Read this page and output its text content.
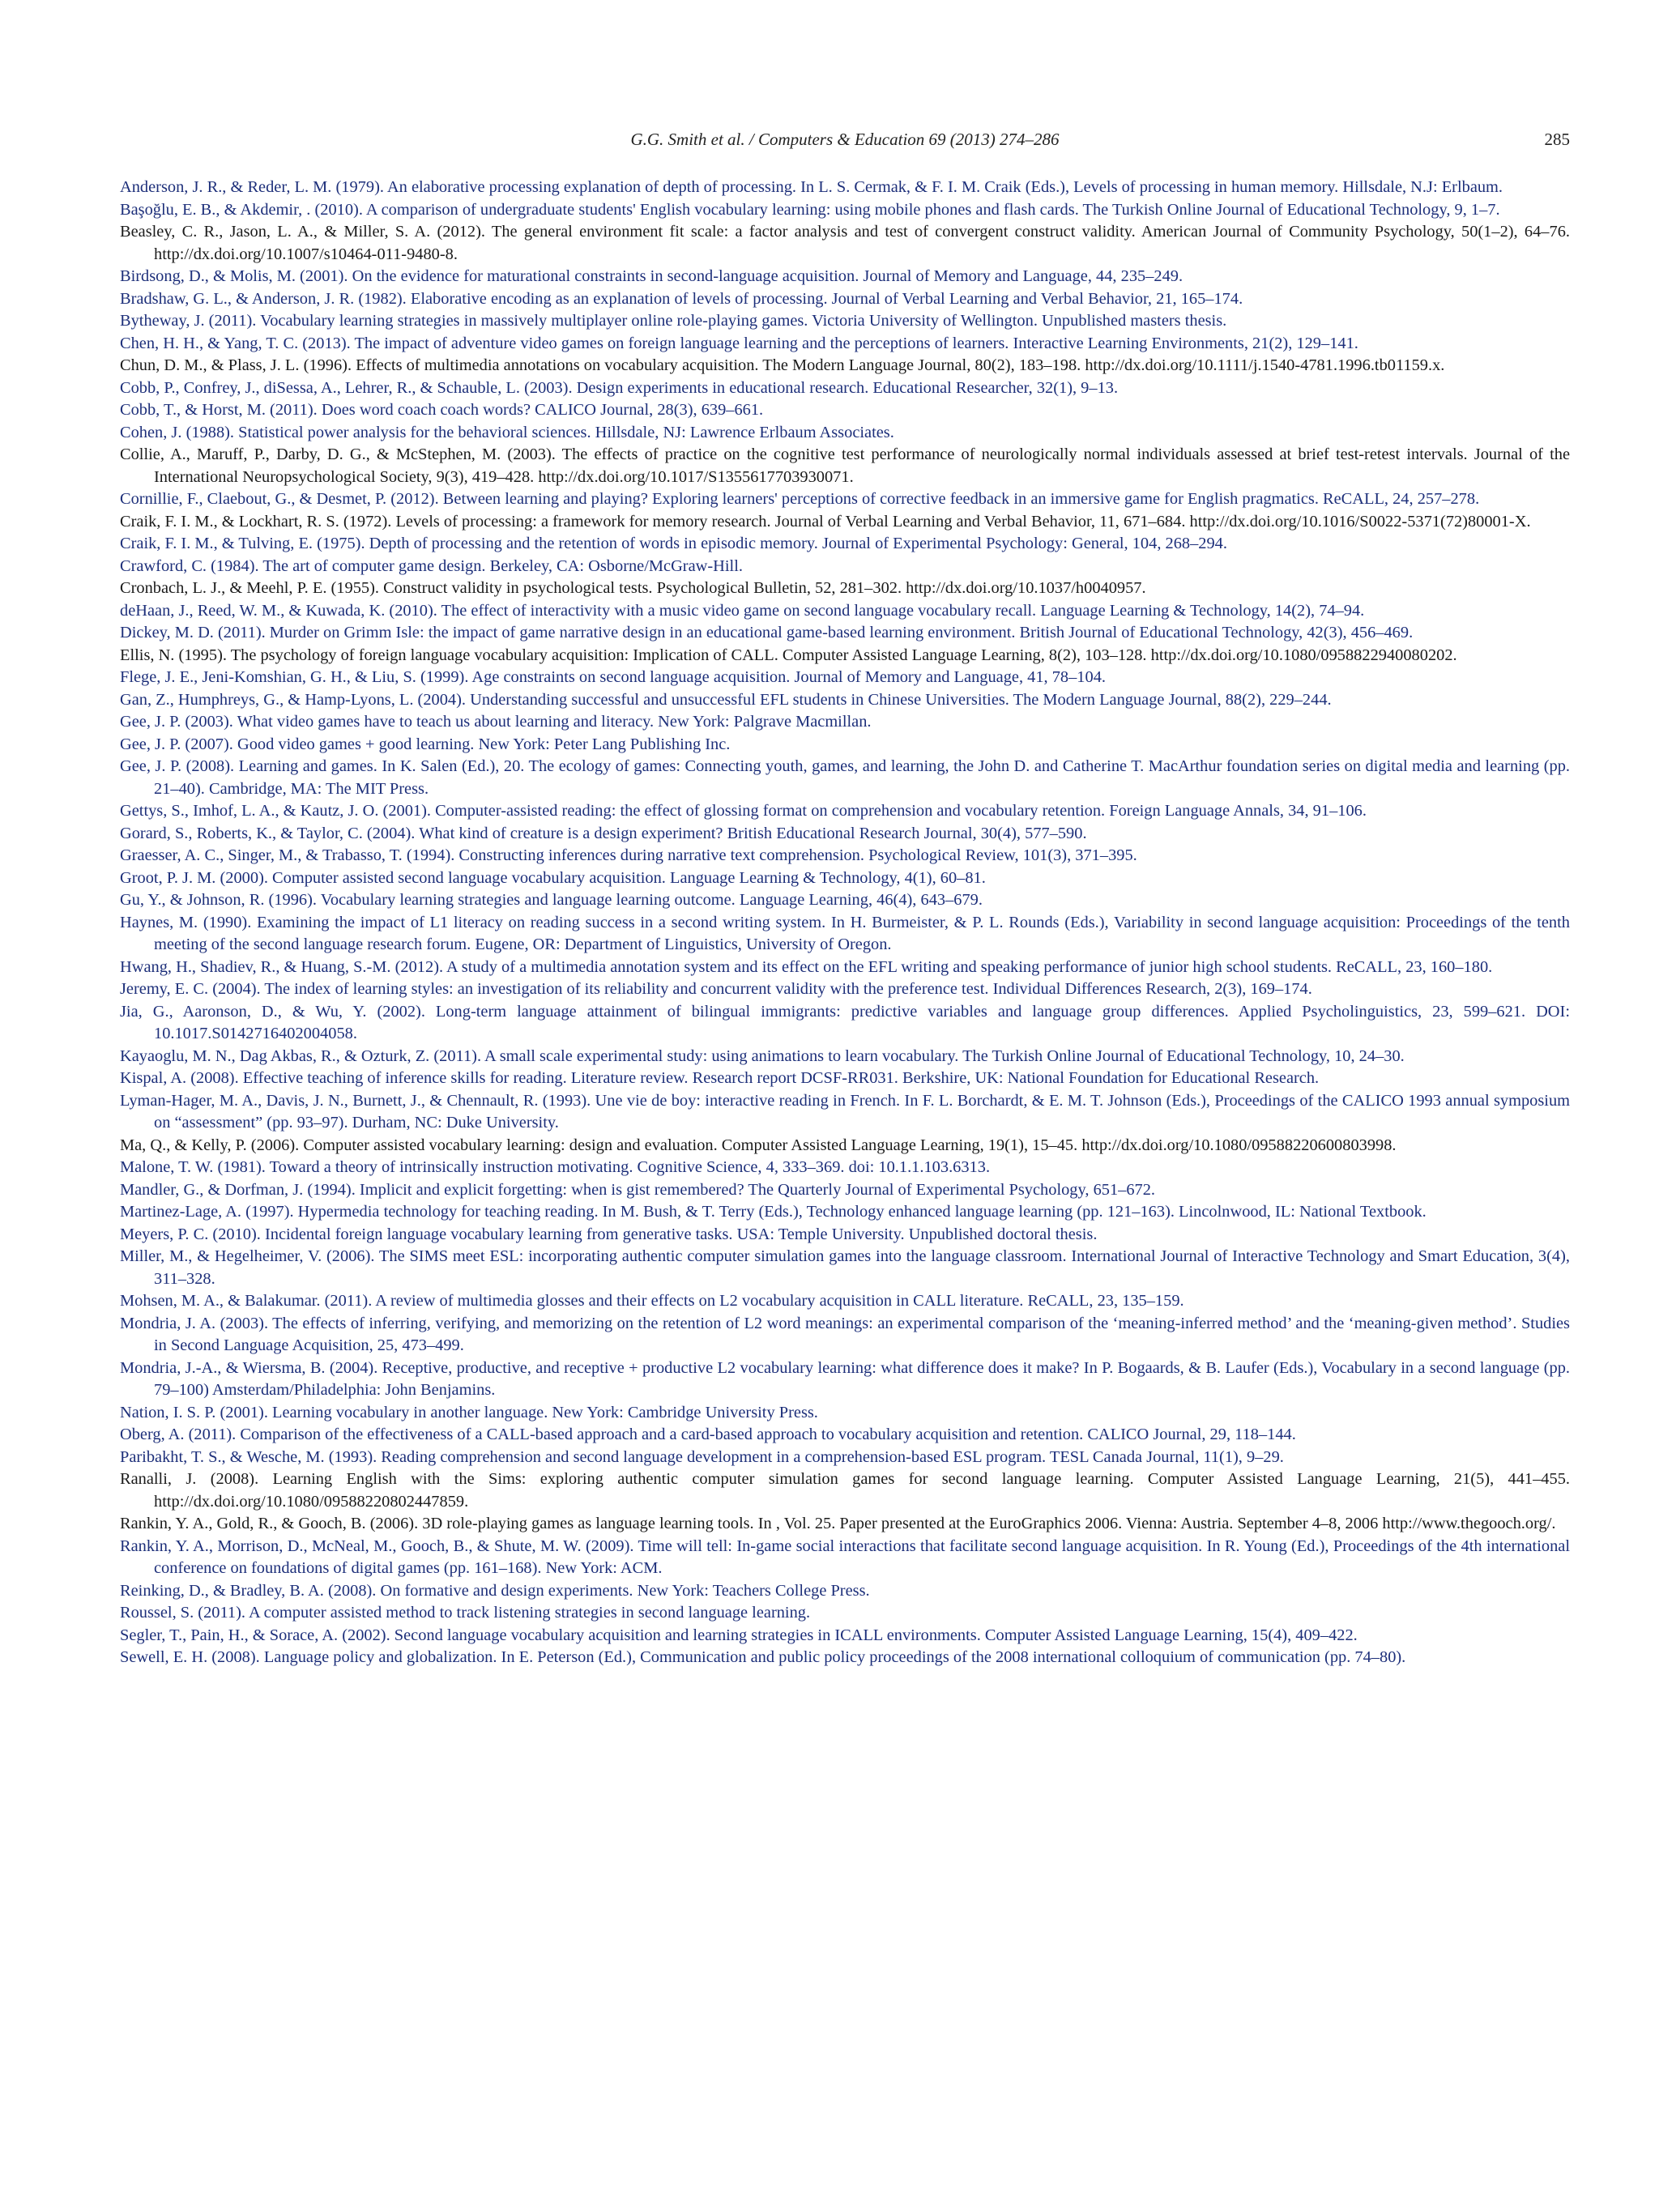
G.G. Smith et al. / Computers & Education 69 (2013) 274–286	285

Anderson, J. R., & Reder, L. M. (1979). An elaborative processing explanation of depth of processing. In L. S. Cermak, & F. I. M. Craik (Eds.), Levels of processing in human memory. Hillsdale, N.J: Erlbaum.

Başoğlu, E. B., & Akdemir, . (2010). A comparison of undergraduate students' English vocabulary learning: using mobile phones and flash cards. The Turkish Online Journal of Educational Technology, 9, 1–7.

Beasley, C. R., Jason, L. A., & Miller, S. A. (2012). The general environment fit scale: a factor analysis and test of convergent construct validity. American Journal of Community Psychology, 50(1–2), 64–76. http://dx.doi.org/10.1007/s10464-011-9480-8.

Birdsong, D., & Molis, M. (2001). On the evidence for maturational constraints in second-language acquisition. Journal of Memory and Language, 44, 235–249.

Bradshaw, G. L., & Anderson, J. R. (1982). Elaborative encoding as an explanation of levels of processing. Journal of Verbal Learning and Verbal Behavior, 21, 165–174.

Bytheway, J. (2011). Vocabulary learning strategies in massively multiplayer online role-playing games. Victoria University of Wellington. Unpublished masters thesis.

Chen, H. H., & Yang, T. C. (2013). The impact of adventure video games on foreign language learning and the perceptions of learners. Interactive Learning Environments, 21(2), 129–141.

Chun, D. M., & Plass, J. L. (1996). Effects of multimedia annotations on vocabulary acquisition. The Modern Language Journal, 80(2), 183–198. http://dx.doi.org/10.1111/j.1540-4781.1996.tb01159.x.

Cobb, P., Confrey, J., diSessa, A., Lehrer, R., & Schauble, L. (2003). Design experiments in educational research. Educational Researcher, 32(1), 9–13.

Cobb, T., & Horst, M. (2011). Does word coach coach words? CALICO Journal, 28(3), 639–661.

Cohen, J. (1988). Statistical power analysis for the behavioral sciences. Hillsdale, NJ: Lawrence Erlbaum Associates.

Collie, A., Maruff, P., Darby, D. G., & McStephen, M. (2003). The effects of practice on the cognitive test performance of neurologically normal individuals assessed at brief test-retest intervals. Journal of the International Neuropsychological Society, 9(3), 419–428. http://dx.doi.org/10.1017/S1355617703930071.

Cornillie, F., Claebout, G., & Desmet, P. (2012). Between learning and playing? Exploring learners' perceptions of corrective feedback in an immersive game for English pragmatics. ReCALL, 24, 257–278.

Craik, F. I. M., & Lockhart, R. S. (1972). Levels of processing: a framework for memory research. Journal of Verbal Learning and Verbal Behavior, 11, 671–684. http://dx.doi.org/10.1016/S0022-5371(72)80001-X.

Craik, F. I. M., & Tulving, E. (1975). Depth of processing and the retention of words in episodic memory. Journal of Experimental Psychology: General, 104, 268–294.

Crawford, C. (1984). The art of computer game design. Berkeley, CA: Osborne/McGraw-Hill.

Cronbach, L. J., & Meehl, P. E. (1955). Construct validity in psychological tests. Psychological Bulletin, 52, 281–302. http://dx.doi.org/10.1037/h0040957.

deHaan, J., Reed, W. M., & Kuwada, K. (2010). The effect of interactivity with a music video game on second language vocabulary recall. Language Learning & Technology, 14(2), 74–94.

Dickey, M. D. (2011). Murder on Grimm Isle: the impact of game narrative design in an educational game-based learning environment. British Journal of Educational Technology, 42(3), 456–469.

Ellis, N. (1995). The psychology of foreign language vocabulary acquisition: Implication of CALL. Computer Assisted Language Learning, 8(2), 103–128. http://dx.doi.org/10.1080/0958822940080202.

Flege, J. E., Jeni-Komshian, G. H., & Liu, S. (1999). Age constraints on second language acquisition. Journal of Memory and Language, 41, 78–104.

Gan, Z., Humphreys, G., & Hamp-Lyons, L. (2004). Understanding successful and unsuccessful EFL students in Chinese Universities. The Modern Language Journal, 88(2), 229–244.

Gee, J. P. (2003). What video games have to teach us about learning and literacy. New York: Palgrave Macmillan.

Gee, J. P. (2007). Good video games + good learning. New York: Peter Lang Publishing Inc.

Gee, J. P. (2008). Learning and games. In K. Salen (Ed.), 20. The ecology of games: Connecting youth, games, and learning, the John D. and Catherine T. MacArthur foundation series on digital media and learning (pp. 21–40). Cambridge, MA: The MIT Press.

Gettys, S., Imhof, L. A., & Kautz, J. O. (2001). Computer-assisted reading: the effect of glossing format on comprehension and vocabulary retention. Foreign Language Annals, 34, 91–106.

Gorard, S., Roberts, K., & Taylor, C. (2004). What kind of creature is a design experiment? British Educational Research Journal, 30(4), 577–590.

Graesser, A. C., Singer, M., & Trabasso, T. (1994). Constructing inferences during narrative text comprehension. Psychological Review, 101(3), 371–395.

Groot, P. J. M. (2000). Computer assisted second language vocabulary acquisition. Language Learning & Technology, 4(1), 60–81.

Gu, Y., & Johnson, R. (1996). Vocabulary learning strategies and language learning outcome. Language Learning, 46(4), 643–679.

Haynes, M. (1990). Examining the impact of L1 literacy on reading success in a second writing system. In H. Burmeister, & P. L. Rounds (Eds.), Variability in second language acquisition: Proceedings of the tenth meeting of the second language research forum. Eugene, OR: Department of Linguistics, University of Oregon.

Hwang, H., Shadiev, R., & Huang, S.-M. (2012). A study of a multimedia annotation system and its effect on the EFL writing and speaking performance of junior high school students. ReCALL, 23, 160–180.

Jeremy, E. C. (2004). The index of learning styles: an investigation of its reliability and concurrent validity with the preference test. Individual Differences Research, 2(3), 169–174.

Jia, G., Aaronson, D., & Wu, Y. (2002). Long-term language attainment of bilingual immigrants: predictive variables and language group differences. Applied Psycholinguistics, 23, 599–621. DOI: 10.1017.S0142716402004058.

Kayaoglu, M. N., Dag Akbas, R., & Ozturk, Z. (2011). A small scale experimental study: using animations to learn vocabulary. The Turkish Online Journal of Educational Technology, 10, 24–30.

Kispal, A. (2008). Effective teaching of inference skills for reading. Literature review. Research report DCSF-RR031. Berkshire, UK: National Foundation for Educational Research.

Lyman-Hager, M. A., Davis, J. N., Burnett, J., & Chennault, R. (1993). Une vie de boy: interactive reading in French. In F. L. Borchardt, & E. M. T. Johnson (Eds.), Proceedings of the CALICO 1993 annual symposium on “assessment” (pp. 93–97). Durham, NC: Duke University.

Ma, Q., & Kelly, P. (2006). Computer assisted vocabulary learning: design and evaluation. Computer Assisted Language Learning, 19(1), 15–45. http://dx.doi.org/10.1080/09588220600803998.

Malone, T. W. (1981). Toward a theory of intrinsically instruction motivating. Cognitive Science, 4, 333–369. doi: 10.1.1.103.6313.

Mandler, G., & Dorfman, J. (1994). Implicit and explicit forgetting: when is gist remembered? The Quarterly Journal of Experimental Psychology, 651–672.

Martinez-Lage, A. (1997). Hypermedia technology for teaching reading. In M. Bush, & T. Terry (Eds.), Technology enhanced language learning (pp. 121–163). Lincolnwood, IL: National Textbook.

Meyers, P. C. (2010). Incidental foreign language vocabulary learning from generative tasks. USA: Temple University. Unpublished doctoral thesis.

Miller, M., & Hegelheimer, V. (2006). The SIMS meet ESL: incorporating authentic computer simulation games into the language classroom. International Journal of Interactive Technology and Smart Education, 3(4), 311–328.

Mohsen, M. A., & Balakumar. (2011). A review of multimedia glosses and their effects on L2 vocabulary acquisition in CALL literature. ReCALL, 23, 135–159.

Mondria, J. A. (2003). The effects of inferring, verifying, and memorizing on the retention of L2 word meanings: an experimental comparison of the ‘meaning-inferred method’ and the ‘meaning-given method’. Studies in Second Language Acquisition, 25, 473–499.

Mondria, J.-A., & Wiersma, B. (2004). Receptive, productive, and receptive + productive L2 vocabulary learning: what difference does it make? In P. Bogaards, & B. Laufer (Eds.), Vocabulary in a second language (pp. 79–100) Amsterdam/Philadelphia: John Benjamins.

Nation, I. S. P. (2001). Learning vocabulary in another language. New York: Cambridge University Press.

Oberg, A. (2011). Comparison of the effectiveness of a CALL-based approach and a card-based approach to vocabulary acquisition and retention. CALICO Journal, 29, 118–144.

Paribakht, T. S., & Wesche, M. (1993). Reading comprehension and second language development in a comprehension-based ESL program. TESL Canada Journal, 11(1), 9–29.

Ranalli, J. (2008). Learning English with the Sims: exploring authentic computer simulation games for second language learning. Computer Assisted Language Learning, 21(5), 441–455. http://dx.doi.org/10.1080/09588220802447859.

Rankin, Y. A., Gold, R., & Gooch, B. (2006). 3D role-playing games as language learning tools. In , Vol. 25. Paper presented at the EuroGraphics 2006. Vienna: Austria. September 4–8, 2006 http://www.thegooch.org/.

Rankin, Y. A., Morrison, D., McNeal, M., Gooch, B., & Shute, M. W. (2009). Time will tell: In-game social interactions that facilitate second language acquisition. In R. Young (Ed.), Proceedings of the 4th international conference on foundations of digital games (pp. 161–168). New York: ACM.

Reinking, D., & Bradley, B. A. (2008). On formative and design experiments. New York: Teachers College Press.

Roussel, S. (2011). A computer assisted method to track listening strategies in second language learning.

Segler, T., Pain, H., & Sorace, A. (2002). Second language vocabulary acquisition and learning strategies in ICALL environments. Computer Assisted Language Learning, 15(4), 409–422.

Sewell, E. H. (2008). Language policy and globalization. In E. Peterson (Ed.), Communication and public policy proceedings of the 2008 international colloquium of communication (pp. 74–80).
